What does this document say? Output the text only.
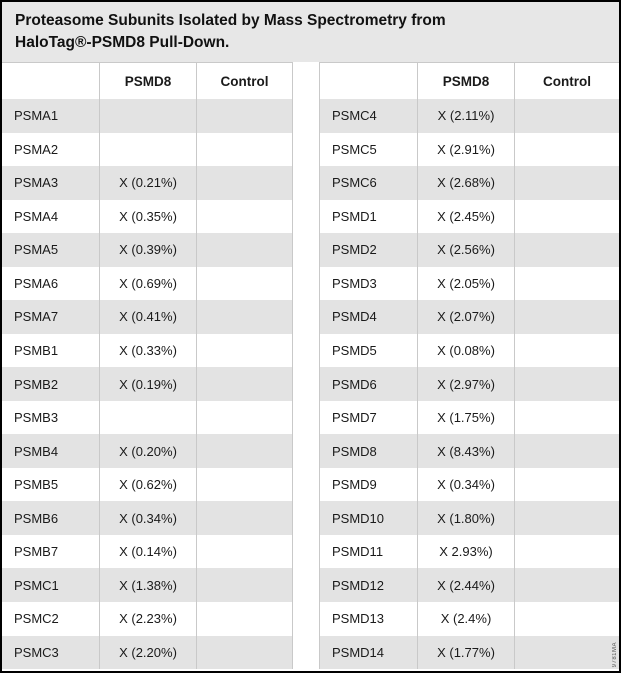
Proteasome Subunits Isolated by Mass Spectrometry from HaloTag®-PSMD8 Pull-Down.
PSMD8	Control
PSMA1
PSMA2
PSMA3	X (0.21%)
PSMA4	X (0.35%)
PSMA5	X (0.39%)
PSMA6	X (0.69%)
PSMA7	X (0.41%)
PSMB1	X (0.33%)
PSMB2	X (0.19%)
PSMB3
PSMB4	X (0.20%)
PSMB5	X (0.62%)
PSMB6	X (0.34%)
PSMB7	X (0.14%)
PSMC1	X (1.38%)
PSMC2	X (2.23%)
PSMC3	X (2.20%)
PSMD8	Control
PSMC4	X (2.11%)
PSMC5	X (2.91%)
PSMC6	X (2.68%)
PSMD1	X (2.45%)
PSMD2	X (2.56%)
PSMD3	X (2.05%)
PSMD4	X (2.07%)
PSMD5	X (0.08%)
PSMD6	X (2.97%)
PSMD7	X (1.75%)
PSMD8	X (8.43%)
PSMD9	X (0.34%)
PSMD10	X (1.80%)
PSMD11	X 2.93%)
PSMD12	X (2.44%)
PSMD13	X (2.4%)
PSMD14	X (1.77%)	9781MA
